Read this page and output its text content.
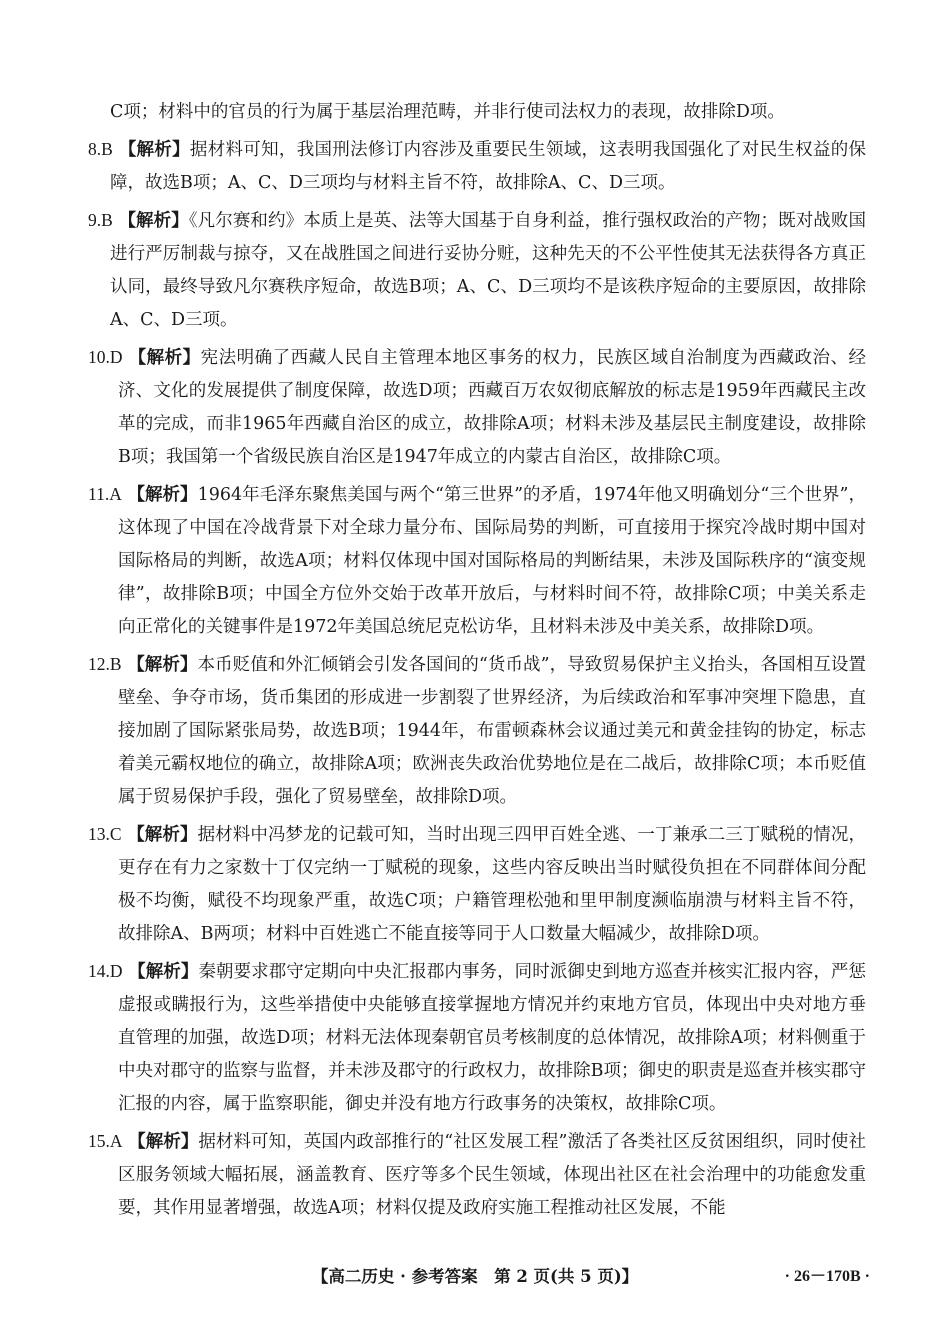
C项；材料中的官员的行为属于基层治理范畴，并非行使司法权力的表现，故排除D项。

8.B 【解析】据材料可知，我国刑法修订内容涉及重要民生领域，这表明我国强化了对民生权益的保障，故选B项；A、C、D三项均与材料主旨不符，故排除A、C、D三项。

9.B 【解析】《凡尔赛和约》本质上是英、法等大国基于自身利益，推行强权政治的产物；既对战败国进行严厉制裁与掠夺，又在战胜国之间进行妥协分赃，这种先天的不公平性使其无法获得各方真正认同，最终导致凡尔赛秩序短命，故选B项；A、C、D三项均不是该秩序短命的主要原因，故排除A、C、D三项。

10.D 【解析】宪法明确了西藏人民自主管理本地区事务的权力，民族区域自治制度为西藏政治、经济、文化的发展提供了制度保障，故选D项；西藏百万农奴彻底解放的标志是1959年西藏民主改革的完成，而非1965年西藏自治区的成立，故排除A项；材料未涉及基层民主制度建设，故排除B项；我国第一个省级民族自治区是1947年成立的内蒙古自治区，故排除C项。

11.A 【解析】1964年毛泽东聚焦美国与两个“第三世界”的矛盾，1974年他又明确划分“三个世界”，这体现了中国在冷战背景下对全球力量分布、国际局势的判断，可直接用于探究冷战时期中国对国际格局的判断，故选A项；材料仅体现中国对国际格局的判断结果，未涉及国际秩序的“演变规律”，故排除B项；中国全方位外交始于改革开放后，与材料时间不符，故排除C项；中美关系走向正常化的关键事件是1972年美国总统尼克松访华，且材料未涉及中美关系，故排除D项。

12.B 【解析】本币贬值和外汇倾销会引发各国间的“货币战”，导致贸易保护主义抬头，各国相互设置壁垒、争夺市场，货币集团的形成进一步割裂了世界经济，为后续政治和军事冲突埋下隐患，直接加剧了国际紧张局势，故选B项；1944年，布雷顿森林会议通过美元和黄金挂钩的协定，标志着美元霸权地位的确立，故排除A项；欧洲丧失政治优势地位是在二战后，故排除C项；本币贬值属于贸易保护手段，强化了贸易壁垒，故排除D项。

13.C 【解析】据材料中冯梦龙的记载可知，当时出现三四甲百姓全逃、一丁兼承二三丁赋税的情况，更存在有力之家数十丁仅完纳一丁赋税的现象，这些内容反映出当时赋役负担在不同群体间分配极不均衡，赋役不均现象严重，故选C项；户籍管理松弛和里甲制度濒临崩溃与材料主旨不符，故排除A、B两项；材料中百姓逃亡不能直接等同于人口数量大幅减少，故排除D项。

14.D 【解析】秦朝要求郡守定期向中央汇报郡内事务，同时派御史到地方巡查并核实汇报内容，严惩虚报或瞒报行为，这些举措使中央能够直接掌握地方情况并约束地方官员，体现出中央对地方垂直管理的加强，故选D项；材料无法体现秦朝官员考核制度的总体情况，故排除A项；材料侧重于中央对郡守的监察与监督，并未涉及郡守的行政权力，故排除B项；御史的职责是巡查并核实郡守汇报的内容，属于监察职能，御史并没有地方行政事务的决策权，故排除C项。

15.A 【解析】据材料可知，英国内政部推行的“社区发展工程”激活了各类社区反贫困组织，同时使社区服务领域大幅拓展，涵盖教育、医疗等多个民生领域，体现出社区在社会治理中的功能愈发重要，其作用显著增强，故选A项；材料仅提及政府实施工程推动社区发展，不能

【高二历史 · 参考答案　第 2 页(共 5 页)】	· 26－170B ·
